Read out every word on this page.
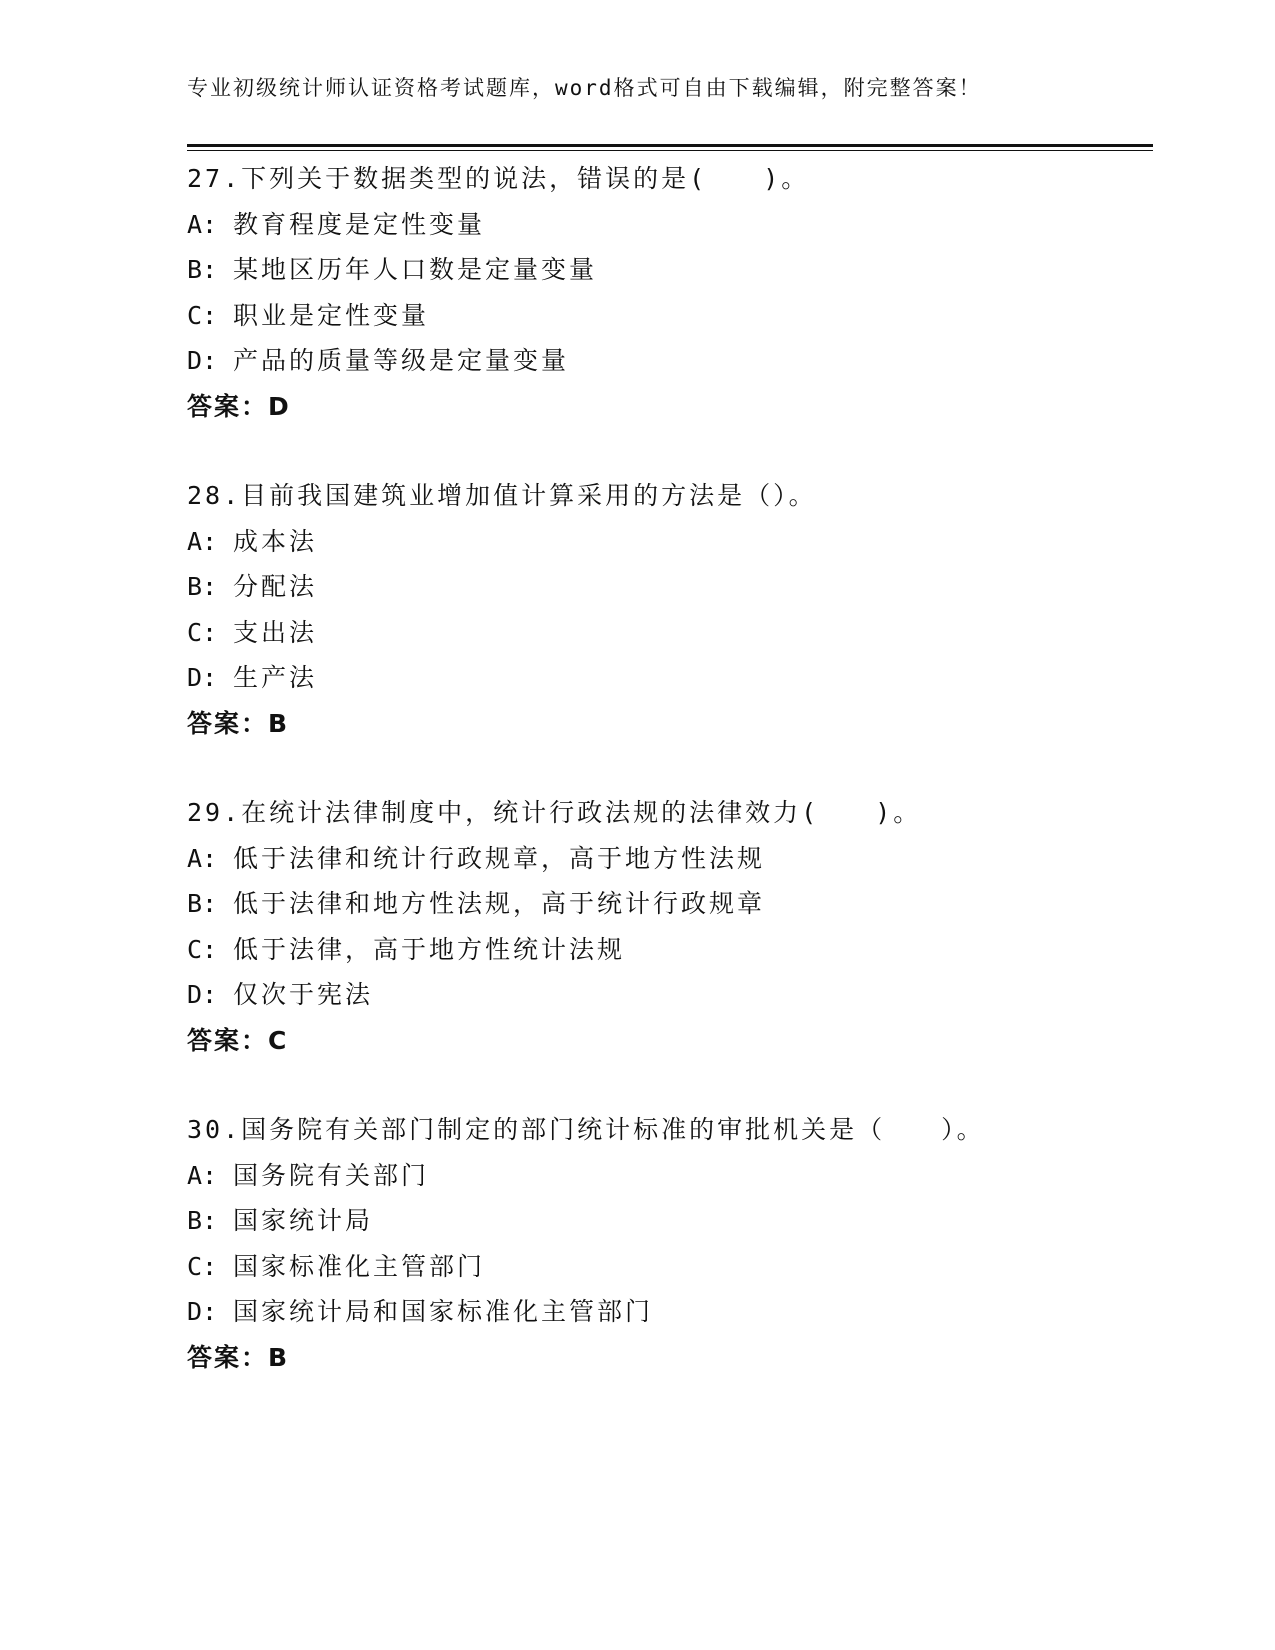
专业初级统计师认证资格考试题库，word格式可自由下载编辑，附完整答案！
27.下列关于数据类型的说法，错误的是(　　)。
A: 教育程度是定性变量
B: 某地区历年人口数是定量变量
C: 职业是定性变量
D: 产品的质量等级是定量变量
答案：D
28.目前我国建筑业增加值计算采用的方法是（）。
A: 成本法
B: 分配法
C: 支出法
D: 生产法
答案：B
29.在统计法律制度中，统计行政法规的法律效力(　　)。
A: 低于法律和统计行政规章，高于地方性法规
B: 低于法律和地方性法规，高于统计行政规章
C: 低于法律，高于地方性统计法规
D: 仅次于宪法
答案：C
30.国务院有关部门制定的部门统计标准的审批机关是（　　）。
A: 国务院有关部门
B: 国家统计局
C: 国家标准化主管部门
D: 国家统计局和国家标准化主管部门
答案：B
